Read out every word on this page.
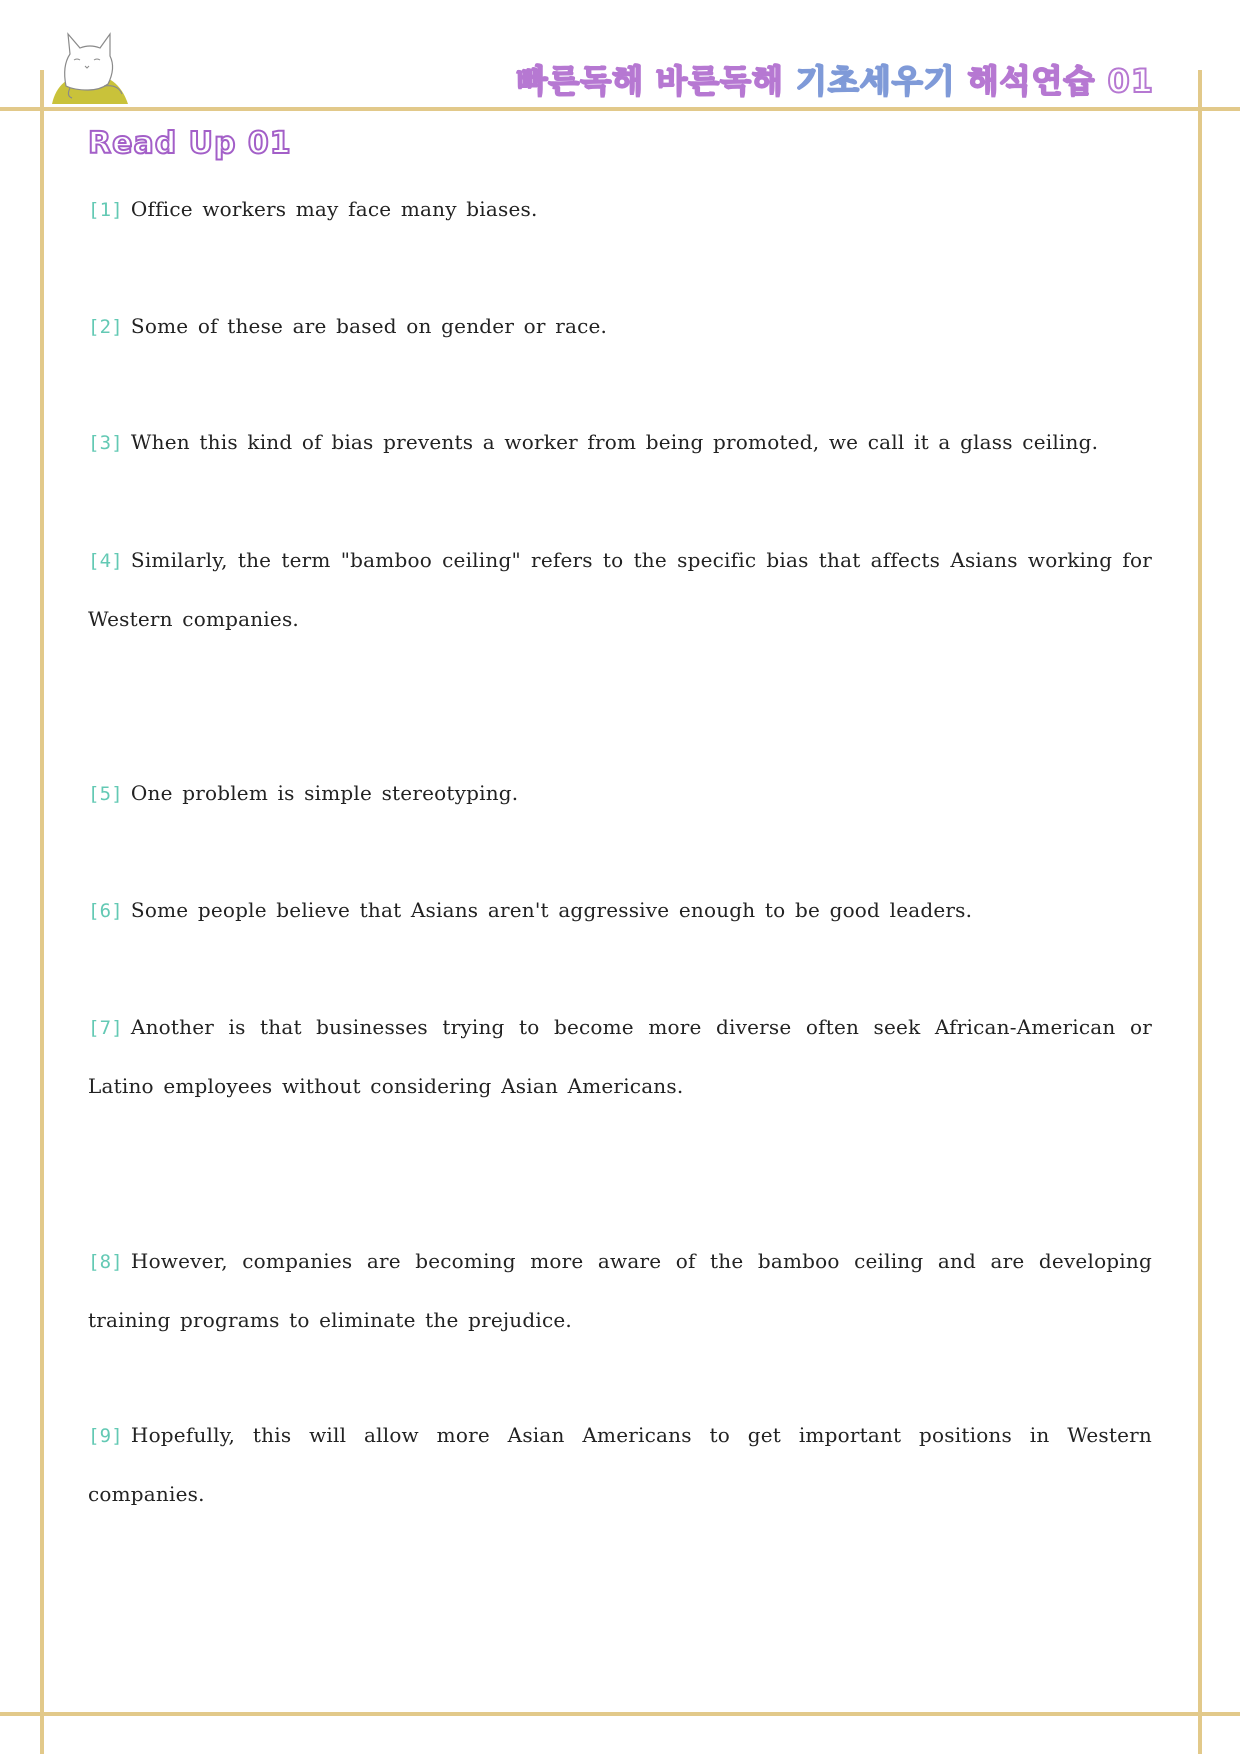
빠른독해 바른독해 기초세우기 해석연습 01
Read Up 01
[1] Office workers may face many biases.
[2] Some of these are based on gender or race.
[3] When this kind of bias prevents a worker from being promoted, we call it a glass ceiling.
[4] Similarly, the term "bamboo ceiling" refers to the specific bias that affects Asians working for Western companies.
[5] One problem is simple stereotyping.
[6] Some people believe that Asians aren't aggressive enough to be good leaders.
[7] Another is that businesses trying to become more diverse often seek African-American or Latino employees without considering Asian Americans.
[8] However, companies are becoming more aware of the bamboo ceiling and are developing training programs to eliminate the prejudice.
[9] Hopefully, this will allow more Asian Americans to get important positions in Western companies.
